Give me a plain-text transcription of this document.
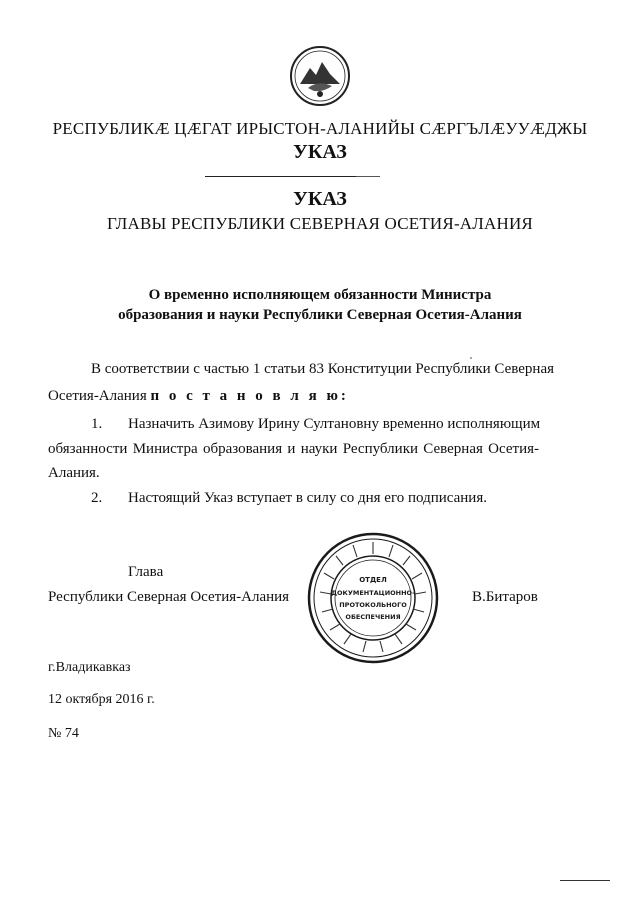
РЕСПУБЛИКӔ ЦӔГАТ ИРЫСТОН-АЛАНИЙЫ СӔРГЪЛӔУУӔДЖЫ
УКАЗ
УКАЗ
ГЛАВЫ РЕСПУБЛИКИ СЕВЕРНАЯ ОСЕТИЯ-АЛАНИЯ
О временно исполняющем обязанности Министра
образования и науки Республики Северная Осетия-Алания
В соответствии с частью 1 статьи 83 Конституции Республики Северная
Осетия-Алания п о с т а н о в л я ю:
1. Назначить Азимову Ирину Султановну временно исполняющим
обязанности Министра образования и науки Республики Северная Осетия-
Алания.
2. Настоящий Указ вступает в силу со дня его подписания.
Глава
Республики Северная Осетия-Алания
ОТДЕЛ
ДОКУМЕНТАЦИОННО-
ПРОТОКОЛЬНОГО
ОБЕСПЕЧЕНИЯ
В.Битаров
г.Владикавказ
12 октября 2016 г.
№ 74
